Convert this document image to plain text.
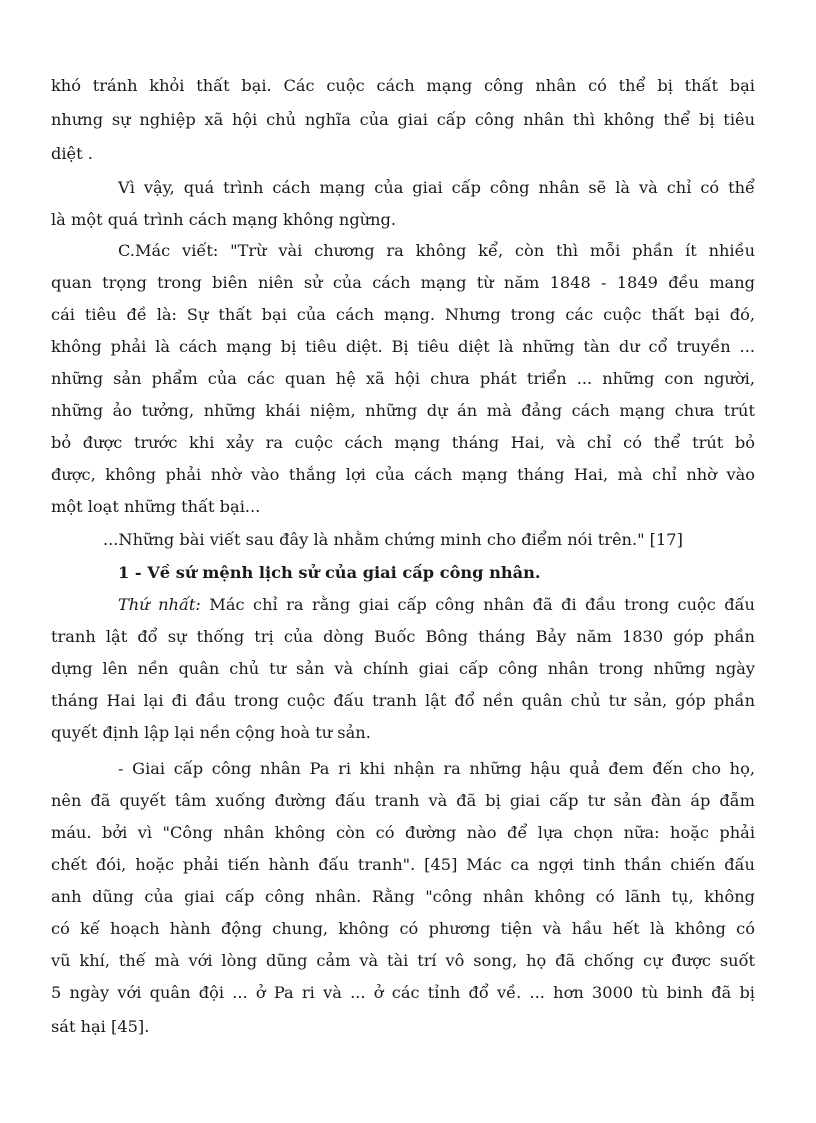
khó tránh khỏi thất bại. Các cuộc cách mạng công nhân có thể bị thất bại
nhưng sự nghiệp xã hội chủ nghĩa của giai cấp công nhân thì không thể bị tiêu
diệt .
Vì vậy, quá trình cách mạng của giai cấp công nhân sẽ là và chỉ có thể
là một quá trình cách mạng không ngừng.
C.Mác viết: "Trừ vài chương ra không kể, còn thì mỗi phần ít nhiều
quan trọng trong biên niên sử của cách mạng từ năm 1848 - 1849 đều mang
cái tiêu đề là: Sự thất bại của cách mạng. Nhưng trong các cuộc thất bại đó,
không phải là cách mạng bị tiêu diệt. Bị tiêu diệt là những tàn dư cổ truyền ...
những sản phẩm của các quan hệ xã hội chưa phát triển ... những con người,
những ảo tưởng, những khái niệm, những dự án mà đảng cách mạng chưa trút
bỏ được trước khi xảy ra cuộc cách mạng tháng Hai, và chỉ có thể trút bỏ
được, không phải nhờ vào thắng lợi của cách mạng tháng Hai, mà chỉ nhờ vào
một loạt những thất bại...
...Những bài viết sau đây là nhằm chứng minh cho điểm nói trên." [17]
1 - Về sứ mệnh lịch sử của giai cấp công nhân.
Thứ nhất: Mác chỉ ra rằng giai cấp công nhân đã đi đầu trong cuộc đấu
tranh lật đổ sự thống trị của dòng Buốc Bông tháng Bảy năm 1830 góp phần
dựng lên nền quân chủ tư sản và chính giai cấp công nhân trong những ngày
tháng Hai lại đi đầu trong cuộc đấu tranh lật đổ nền quân chủ tư sản, góp phần
quyết định lập lại nền cộng hoà tư sản.
- Giai cấp công nhân Pa ri khi nhận ra những hậu quả đem đến cho họ,
nên đã quyết tâm xuống đường đấu tranh và đã bị giai cấp tư sản đàn áp đẫm
máu. bởi vì "Công nhân không còn có đường nào để lựa chọn nữa: hoặc phải
chết đói, hoặc phải tiến hành đấu tranh". [45] Mác ca ngợi tinh thần chiến đấu
anh dũng của giai cấp công nhân. Rằng "công nhân không có lãnh tụ, không
có kế hoạch hành động chung, không có phương tiện và hầu hết là không có
vũ khí, thế mà với lòng dũng cảm và tài trí vô song, họ đã chống cự được suốt
5 ngày với quân đội ... ở Pa ri và ... ở các tỉnh đổ về. ... hơn 3000 tù binh đã bị
sát hại [45].
